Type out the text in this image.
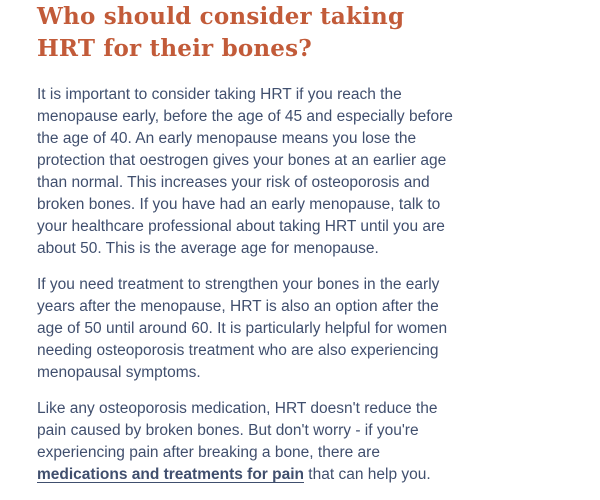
Who should consider taking
HRT for their bones?

It is important to consider taking HRT if you reach the
menopause early, before the age of 45 and especially before
the age of 40. An early menopause means you lose the
protection that oestrogen gives your bones at an earlier age
than normal. This increases your risk of osteoporosis and
broken bones. If you have had an early menopause, talk to
your healthcare professional about taking HRT until you are
about 50. This is the average age for menopause.

If you need treatment to strengthen your bones in the early
years after the menopause, HRT is also an option after the
age of 50 until around 60. It is particularly helpful for women
needing osteoporosis treatment who are also experiencing
menopausal symptoms.

Like any osteoporosis medication, HRT doesn't reduce the
pain caused by broken bones. But don't worry - if you're
experiencing pain after breaking a bone, there are
medications and treatments for pain that can help you.
